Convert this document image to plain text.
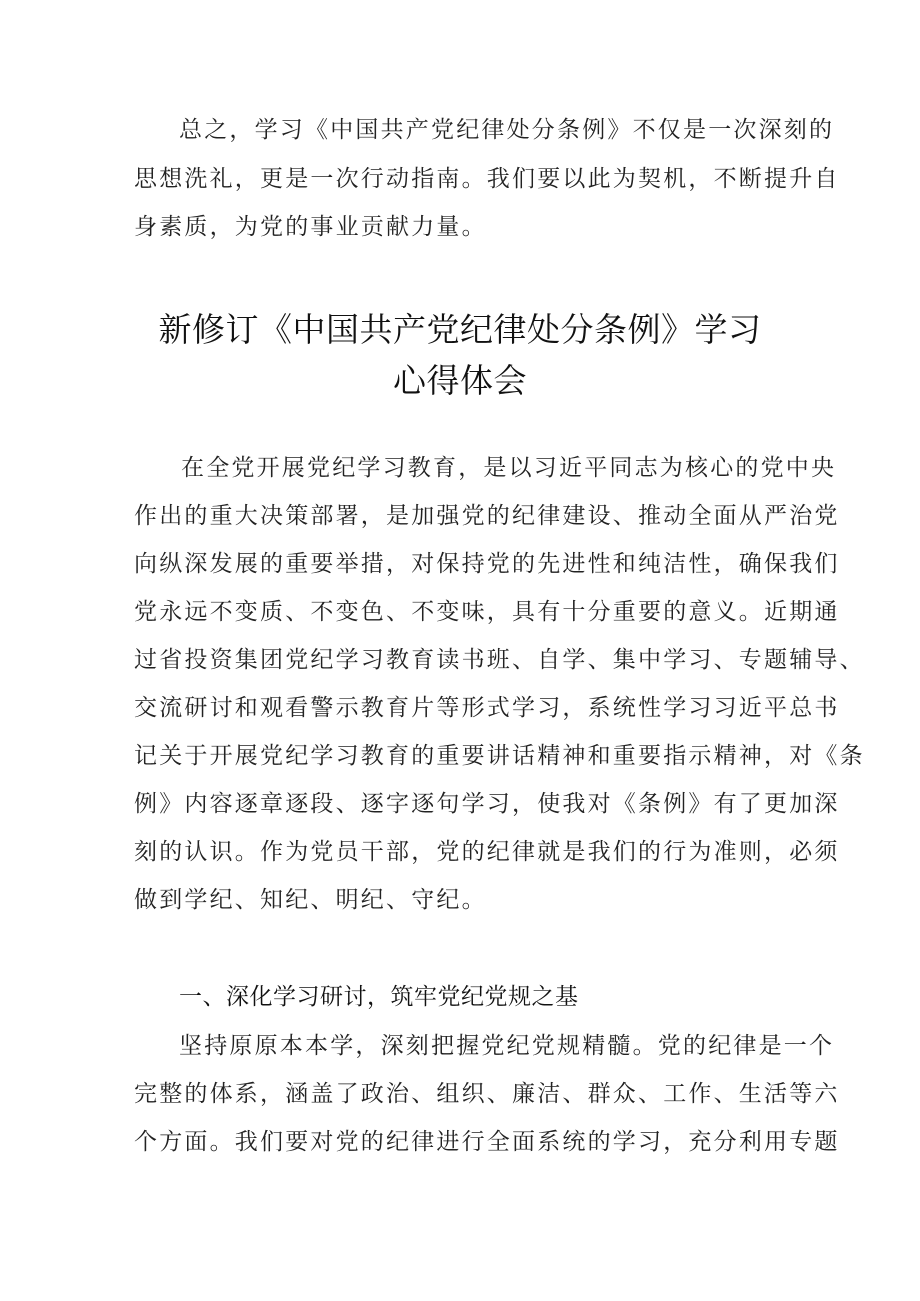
总之，学习《中国共产党纪律处分条例》不仅是一次深刻的
思想洗礼，更是一次行动指南。我们要以此为契机，不断提升自
身素质，为党的事业贡献力量。
新修订《中国共产党纪律处分条例》学习
心得体会
在全党开展党纪学习教育，是以习近平同志为核心的党中央
作出的重大决策部署，是加强党的纪律建设、推动全面从严治党
向纵深发展的重要举措，对保持党的先进性和纯洁性，确保我们
党永远不变质、不变色、不变味，具有十分重要的意义。近期通
过省投资集团党纪学习教育读书班、自学、集中学习、专题辅导、
交流研讨和观看警示教育片等形式学习，系统性学习习近平总书
记关于开展党纪学习教育的重要讲话精神和重要指示精神，对《条
例》内容逐章逐段、逐字逐句学习，使我对《条例》有了更加深
刻的认识。作为党员干部，党的纪律就是我们的行为准则，必须
做到学纪、知纪、明纪、守纪。
一、深化学习研讨，筑牢党纪党规之基
坚持原原本本学，深刻把握党纪党规精髓。党的纪律是一个
完整的体系，涵盖了政治、组织、廉洁、群众、工作、生活等六
个方面。我们要对党的纪律进行全面系统的学习，充分利用专题
